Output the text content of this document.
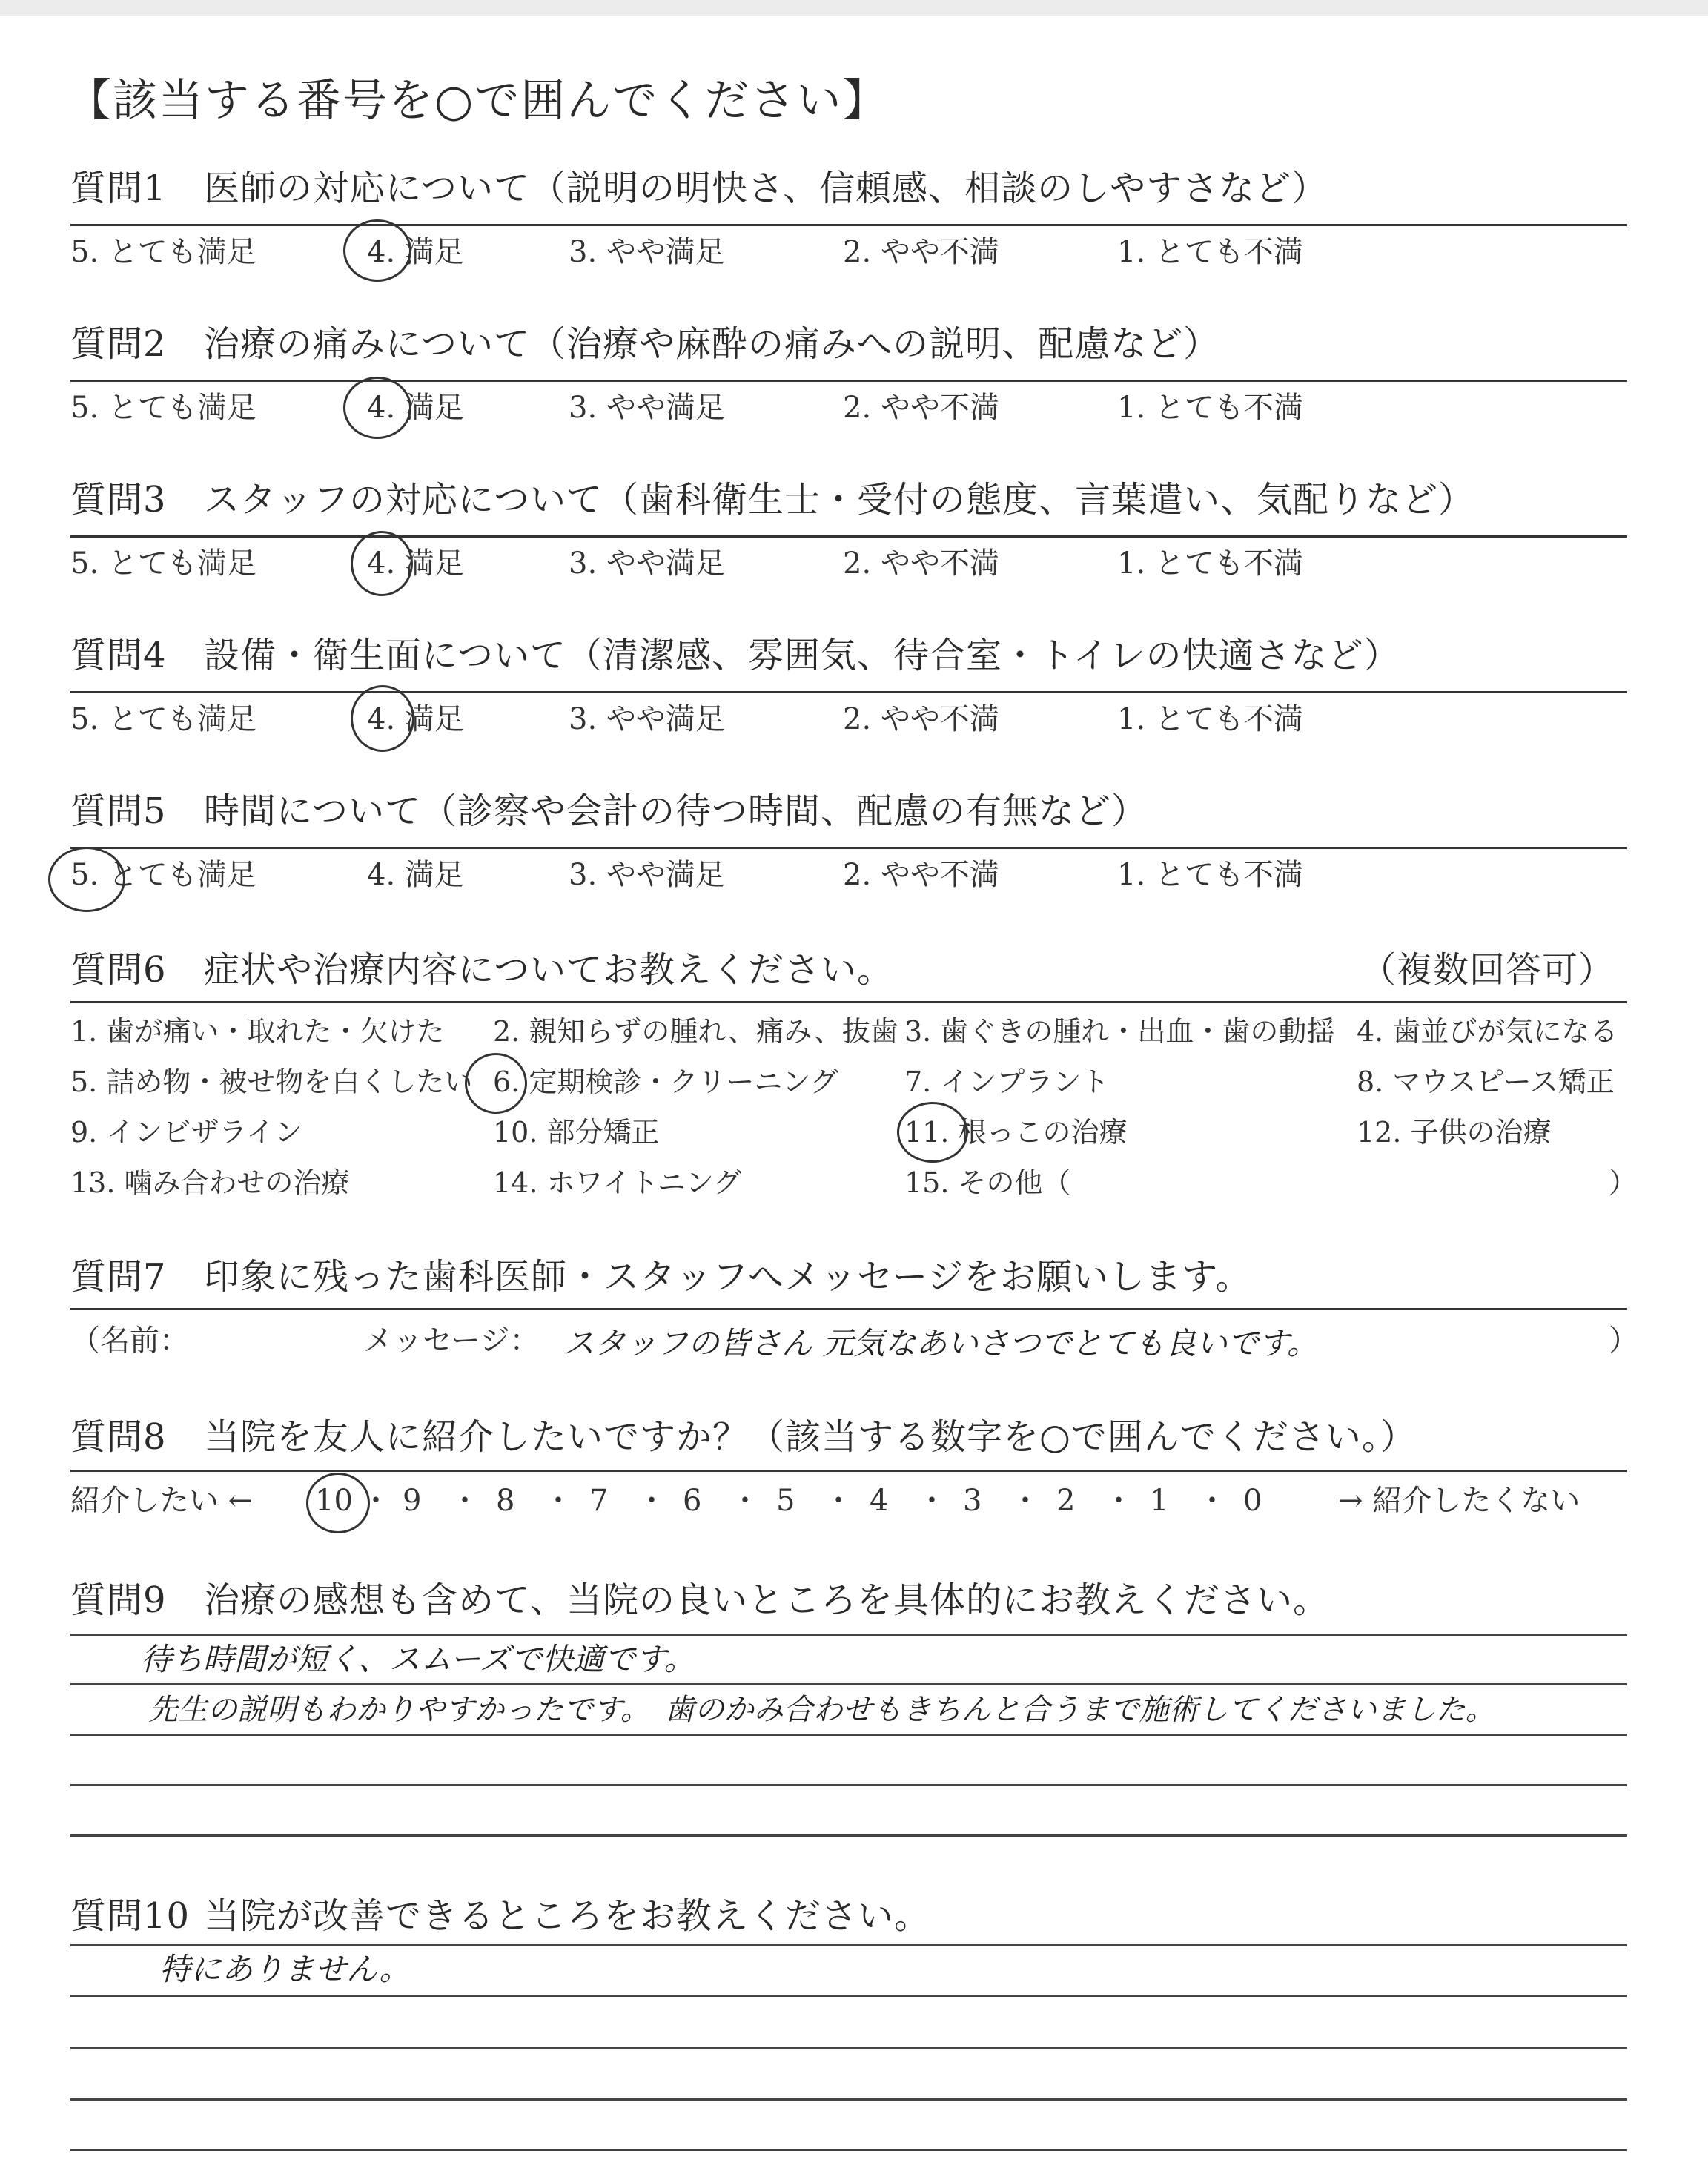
【該当する番号を○で囲んでください】
質問1 医師の対応について（説明の明快さ、信頼感、相談のしやすさなど）
5. とても満足	4. 満足	3. やや満足	2. やや不満	1. とても不満
質問2 治療の痛みについて（治療や麻酔の痛みへの説明、配慮など）
5. とても満足	4. 満足	3. やや満足	2. やや不満	1. とても不満
質問3 スタッフの対応について（歯科衛生士・受付の態度、言葉遣い、気配りなど）
5. とても満足	4. 満足	3. やや満足	2. やや不満	1. とても不満
質問4 設備・衛生面について（清潔感、雰囲気、待合室・トイレの快適さなど）
5. とても満足	4. 満足	3. やや満足	2. やや不満	1. とても不満
質問5 時間について（診察や会計の待つ時間、配慮の有無など）
5. とても満足	4. 満足	3. やや満足	2. やや不満	1. とても不満
質問6 症状や治療内容についてお教えください。	（複数回答可）
1. 歯が痛い・取れた・欠けた 2. 親知らずの腫れ、痛み、抜歯 3. 歯ぐきの腫れ・出血・歯の動揺 4. 歯並びが気になる
5. 詰め物・被せ物を白くしたい 6. 定期検診・クリーニング 7. インプラント	8. マウスピース矯正
9. インビザライン	10. 部分矯正	11. 根っこの治療	12. 子供の治療
13. 噛み合わせの治療	14. ホワイトニング	15. その他（	）
質問7 印象に残った歯科医師・スタッフへメッセージをお願いします。
（名前：	メッセージ： スタッフの皆さん 元気なあいさつでとても良いです。	）
質問8 当院を友人に紹介したいですか？（該当する数字を○で囲んでください。）
紹介したい ←	→ 紹介したくない
10 9	8	7	6	5	4	3	2	1	0
・ ・ ・ ・ ・ ・ ・ ・ ・ ・
質問9 治療の感想も含めて、当院の良いところを具体的にお教えください。
待ち時間が短く、スムーズで快適です。
先生の説明もわかりやすかったです。　歯のかみ合わせもきちんと合うまで施術してくださいました。
質問10 当院が改善できるところをお教えください。
特にありません。
